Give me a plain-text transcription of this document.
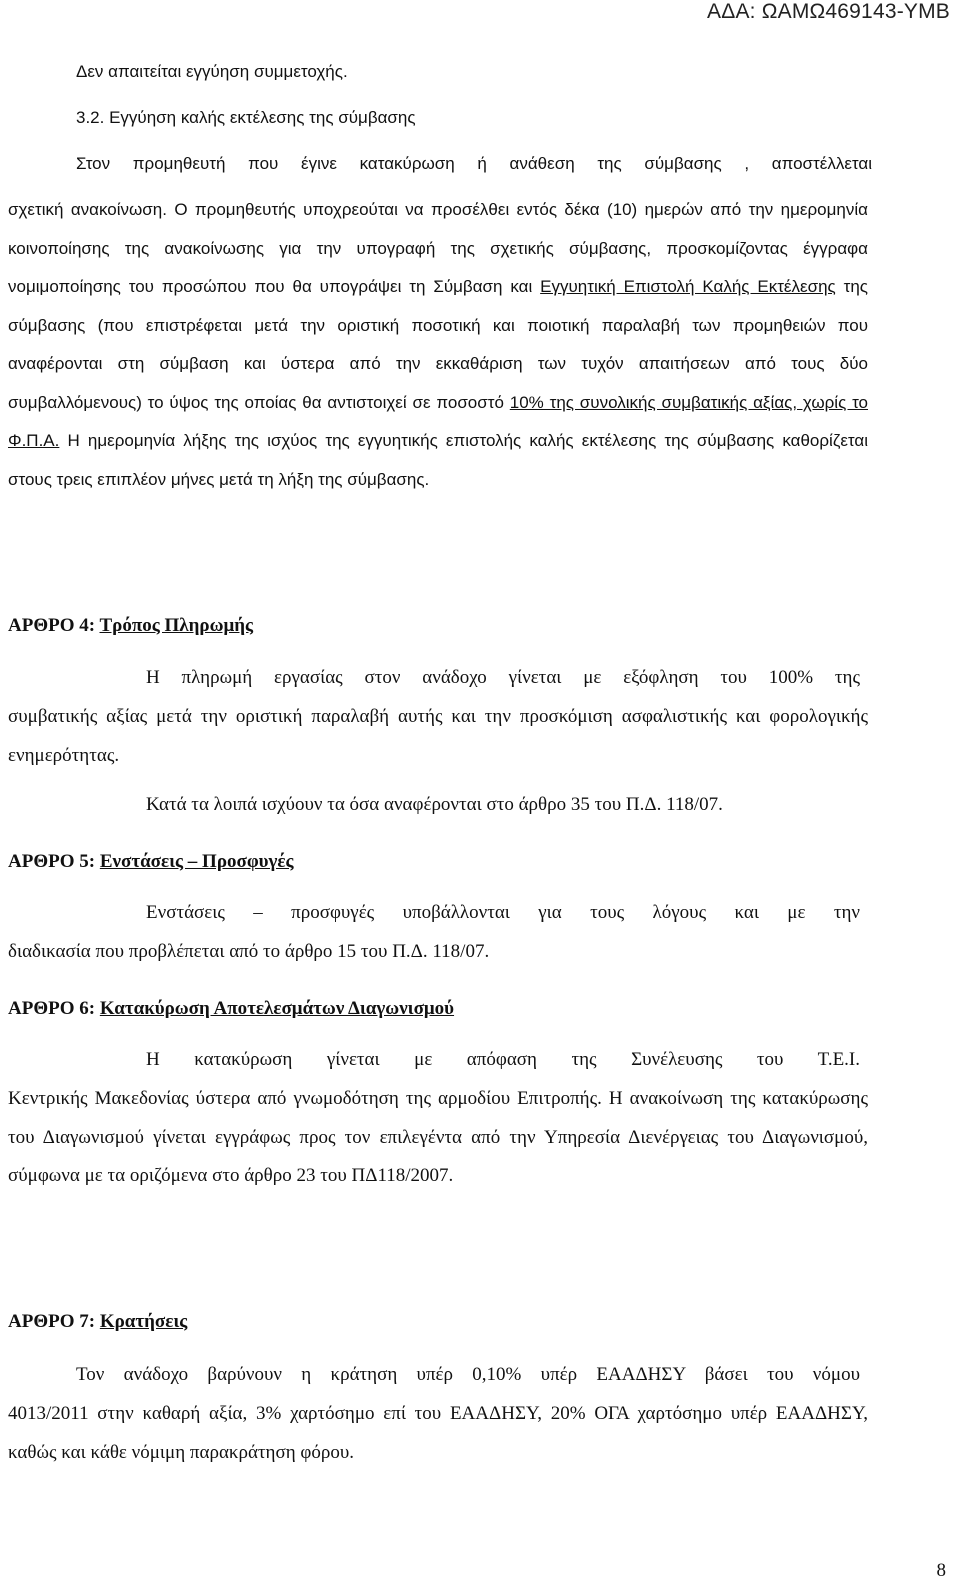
ΑΔΑ: ΩΑΜΩ469143-ΥΜΒ

Δεν απαιτείται εγγύηση συμμετοχής.

3.2. Εγγύηση καλής εκτέλεσης της σύμβασης

Στον προμηθευτή που έγινε κατακύρωση ή ανάθεση της σύμβασης , αποστέλλεται

σχετική ανακοίνωση. Ο προμηθευτής υποχρεούται να προσέλθει εντός δέκα (10) ημερών από την ημερομηνία κοινοποίησης της ανακοίνωσης για την υπογραφή της σχετικής σύμβασης, προσκομίζοντας έγγραφα νομιμοποίησης του προσώπου που θα υπογράψει τη Σύμβαση και Εγγυητική Επιστολή Καλής Εκτέλεσης της σύμβασης (που επιστρέφεται μετά την οριστική ποσοτική και ποιοτική παραλαβή των προμηθειών που αναφέρονται στη σύμβαση και ύστερα από την εκκαθάριση των τυχόν απαιτήσεων από τους δύο συμβαλλόμενους) το ύψος της οποίας θα αντιστοιχεί σε ποσοστό 10% της συνολικής συμβατικής αξίας, χωρίς το Φ.Π.Α. Η ημερομηνία λήξης της ισχύος της εγγυητικής επιστολής καλής εκτέλεσης της σύμβασης καθορίζεται στους τρεις επιπλέον μήνες μετά τη λήξη της σύμβασης.
ΑΡΘΡΟ 4: Τρόπος Πληρωμής

Η πληρωμή εργασίας στον ανάδοχο γίνεται με εξόφληση του 100% της

συμβατικής αξίας μετά την οριστική παραλαβή αυτής και την προσκόμιση ασφαλιστικής και φορολογικής ενημερότητας.

Κατά τα λοιπά ισχύουν τα όσα αναφέρονται στο άρθρο 35 του Π.Δ. 118/07.

ΑΡΘΡΟ 5: Ενστάσεις – Προσφυγές

Ενστάσεις – προσφυγές υποβάλλονται για τους λόγους και με την

διαδικασία που προβλέπεται από το άρθρο 15 του Π.Δ. 118/07.

ΑΡΘΡΟ 6: Κατακύρωση Αποτελεσμάτων Διαγωνισμού

Η κατακύρωση γίνεται με απόφαση της Συνέλευσης του Τ.Ε.Ι.

Κεντρικής Μακεδονίας ύστερα από γνωμοδότηση της αρμοδίου Επιτροπής. Η ανακοίνωση της κατακύρωσης του Διαγωνισμού γίνεται εγγράφως προς τον επιλεγέντα από την Υπηρεσία Διενέργειας του Διαγωνισμού, σύμφωνα με τα οριζόμενα στο άρθρο 23 του ΠΔ118/2007.

ΑΡΘΡΟ 7: Κρατήσεις

Τον ανάδοχο βαρύνουν η κράτηση υπέρ 0,10% υπέρ ΕΑΑΔΗΣΥ βάσει του νόμου

4013/2011 στην καθαρή αξία, 3% χαρτόσημο επί του ΕΑΑΔΗΣΥ, 20% ΟΓΑ χαρτόσημο υπέρ ΕΑΑΔΗΣΥ, καθώς και κάθε νόμιμη παρακράτηση φόρου.

8
